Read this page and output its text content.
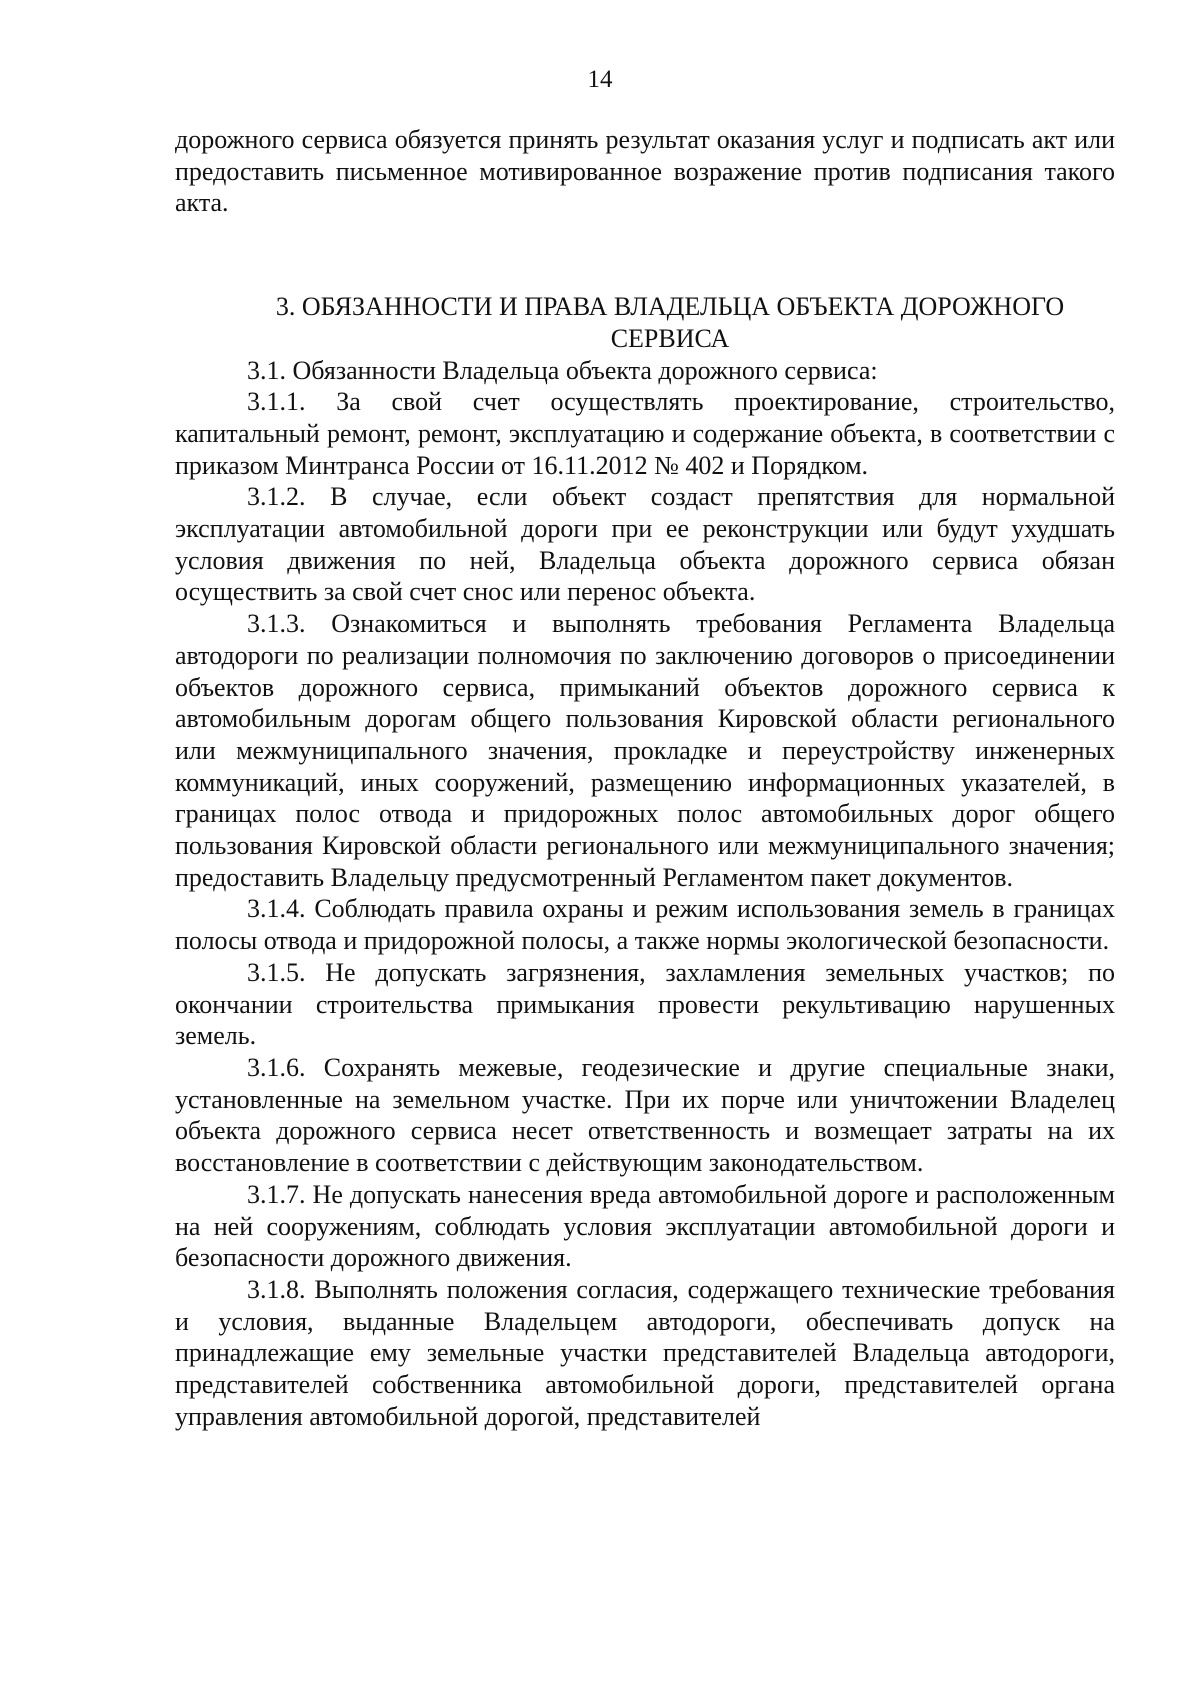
14

дорожного сервиса обязуется принять результат оказания услуг и подписать акт или предоставить письменное мотивированное возражение против подписания такого акта.

3. ОБЯЗАННОСТИ И ПРАВА ВЛАДЕЛЬЦА ОБЪЕКТА ДОРОЖНОГО СЕРВИСА

3.1. Обязанности Владельца объекта дорожного сервиса:

3.1.1. За свой счет осуществлять проектирование, строительство, капитальный ремонт, ремонт, эксплуатацию и содержание объекта, в соответствии с приказом Минтранса России от 16.11.2012 № 402 и Порядком.

3.1.2. В случае, если объект создаст препятствия для нормальной эксплуатации автомобильной дороги при ее реконструкции или будут ухудшать условия движения по ней, Владельца объекта дорожного сервиса обязан осуществить за свой счет снос или перенос объекта.

3.1.3. Ознакомиться и выполнять требования Регламента Владельца автодороги по реализации полномочия по заключению договоров о присоединении объектов дорожного сервиса, примыканий объектов дорожного сервиса к автомобильным дорогам общего пользования Кировской области регионального или межмуниципального значения, прокладке и переустройству инженерных коммуникаций, иных сооружений, размещению информационных указателей, в границах полос отвода и придорожных полос автомобильных дорог общего пользования Кировской области регионального или межмуниципального значения; предоставить Владельцу предусмотренный Регламентом пакет документов.

3.1.4. Соблюдать правила охраны и режим использования земель в границах полосы отвода и придорожной полосы, а также нормы экологической безопасности.

3.1.5. Не допускать загрязнения, захламления земельных участков; по окончании строительства примыкания провести рекультивацию нарушенных земель.

3.1.6. Сохранять межевые, геодезические и другие специальные знаки, установленные на земельном участке. При их порче или уничтожении Владелец объекта дорожного сервиса несет ответственность и возмещает затраты на их восстановление в соответствии с действующим законодательством.

3.1.7. Не допускать нанесения вреда автомобильной дороге и расположенным на ней сооружениям, соблюдать условия эксплуатации автомобильной дороги и безопасности дорожного движения.

3.1.8. Выполнять положения согласия, содержащего технические требования и условия, выданные Владельцем автодороги, обеспечивать допуск на принадлежащие ему земельные участки представителей Владельца автодороги, представителей собственника автомобильной дороги, представителей органа управления автомобильной дорогой, представителей
